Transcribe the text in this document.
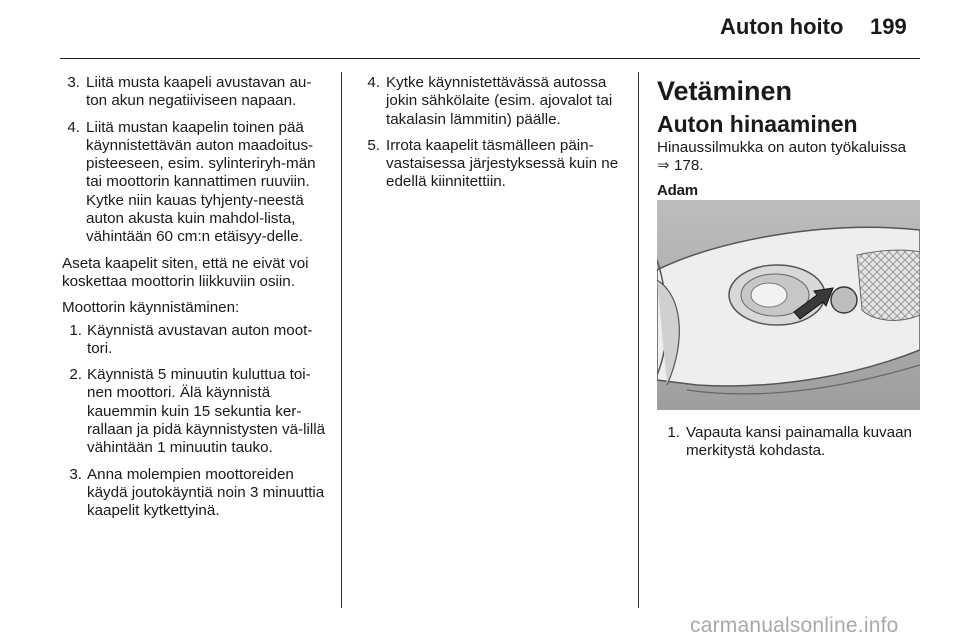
Auton hoito 199
3. Liitä musta kaapeli avustavan au-ton akun negatiiviseen napaan.
4. Liitä mustan kaapelin toinen pää käynnistettävän auton maadoitus-pisteeseen, esim. sylinteriryh-män tai moottorin kannattimen ruuviin. Kytke niin kauas tyhjenty-neestä auton akusta kuin mahdol-lista, vähintään 60 cm:n etäisyy-delle.

Aseta kaapelit siten, että ne eivät voi koskettaa moottorin liikkuviin osiin.

Moottorin käynnistäminen:

1. Käynnistä avustavan auton moot-tori.
2. Käynnistä 5 minuutin kuluttua toi-nen moottori. Älä käynnistä kauemmin kuin 15 sekuntia ker-rallaan ja pidä käynnistysten vä-lillä vähintään 1 minuutin tauko.
3. Anna molempien moottoreiden käydä joutokäyntiä noin 3 minuuttia kaapelit kytkettyinä.
4. Kytke käynnistettävässä autossa jokin sähkölaite (esim. ajovalot tai takalasin lämmitin) päälle.
5. Irrota kaapelit täsmälleen päin-vastaisessa järjestyksessä kuin ne edellä kiinnitettiin.
Vetäminen
Auton hinaaminen

Hinaussilmukka on auton työkaluissa
⇒ 178.

Adam
1. Vapauta kansi painamalla kuvaan merkitystä kohdasta.
carmanualsonline.info
